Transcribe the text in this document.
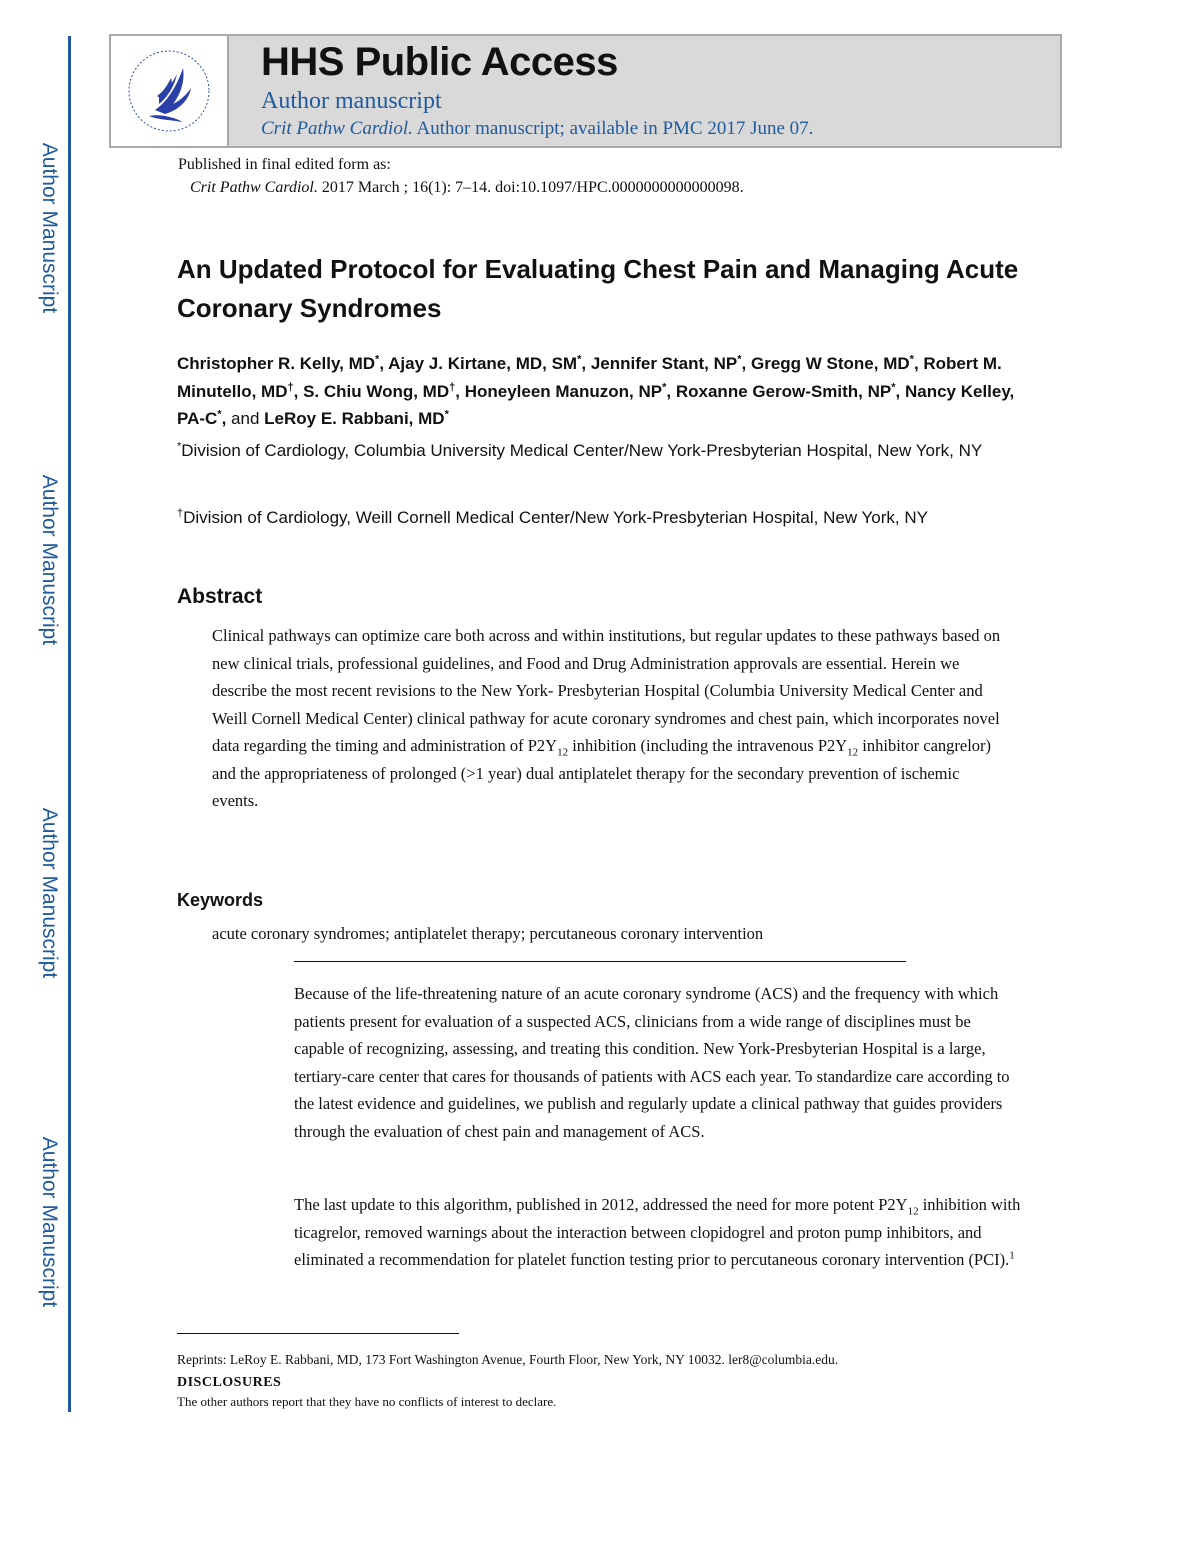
Author Manuscript
Author Manuscript
Author Manuscript
Author Manuscript
HHS Public Access
Author manuscript
Crit Pathw Cardiol. Author manuscript; available in PMC 2017 June 07.
Published in final edited form as:
Crit Pathw Cardiol. 2017 March ; 16(1): 7–14. doi:10.1097/HPC.0000000000000098.
An Updated Protocol for Evaluating Chest Pain and Managing Acute Coronary Syndromes
Christopher R. Kelly, MD*, Ajay J. Kirtane, MD, SM*, Jennifer Stant, NP*, Gregg W Stone, MD*, Robert M. Minutello, MD†, S. Chiu Wong, MD†, Honeyleen Manuzon, NP*, Roxanne Gerow-Smith, NP*, Nancy Kelley, PA-C*, and LeRoy E. Rabbani, MD*
*Division of Cardiology, Columbia University Medical Center/New York-Presbyterian Hospital, New York, NY
†Division of Cardiology, Weill Cornell Medical Center/New York-Presbyterian Hospital, New York, NY
Abstract
Clinical pathways can optimize care both across and within institutions, but regular updates to these pathways based on new clinical trials, professional guidelines, and Food and Drug Administration approvals are essential. Herein we describe the most recent revisions to the New York- Presbyterian Hospital (Columbia University Medical Center and Weill Cornell Medical Center) clinical pathway for acute coronary syndromes and chest pain, which incorporates novel data regarding the timing and administration of $P2Y_{12}$ inhibition (including the intravenous $P2Y_{12}$ inhibitor cangrelor) and the appropriateness of prolonged (>1 year) dual antiplatelet therapy for the secondary prevention of ischemic events.
Keywords
acute coronary syndromes; antiplatelet therapy; percutaneous coronary intervention
Because of the life-threatening nature of an acute coronary syndrome (ACS) and the frequency with which patients present for evaluation of a suspected ACS, clinicians from a wide range of disciplines must be capable of recognizing, assessing, and treating this condition. New York-Presbyterian Hospital is a large, tertiary-care center that cares for thousands of patients with ACS each year. To standardize care according to the latest evidence and guidelines, we publish and regularly update a clinical pathway that guides providers through the evaluation of chest pain and management of ACS.
The last update to this algorithm, published in 2012, addressed the need for more potent $P2Y_{12}$ inhibition with ticagrelor, removed warnings about the interaction between clopidogrel and proton pump inhibitors, and eliminated a recommendation for platelet function testing prior to percutaneous coronary intervention (PCI).$^1$
Reprints: LeRoy E. Rabbani, MD, 173 Fort Washington Avenue, Fourth Floor, New York, NY 10032. ler8@columbia.edu.
DISCLOSURES
The other authors report that they have no conflicts of interest to declare.
